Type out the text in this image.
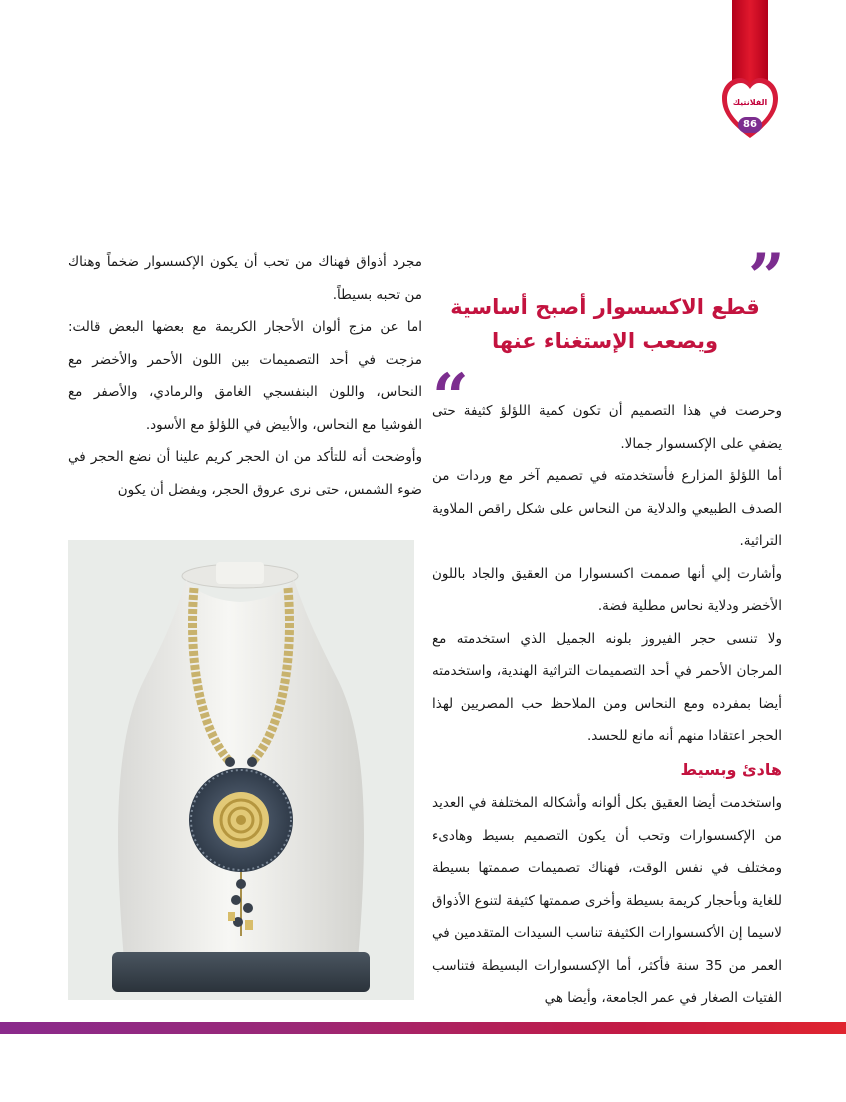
الفلانتيك
86

مجرد أذواق فهناك من تحب أن يكون الإكسسوار ضخماً وهناك من تحبه بسيطاً.

اما عن مزج ألوان الأحجار الكريمة مع بعضها البعض قالت: مزجت في أحد التصميمات بين اللون الأحمر والأخضر مع النحاس، واللون البنفسجي الغامق والرمادي، والأصفر مع الفوشيا مع النحاس، والأبيض في اللؤلؤ مع الأسود.

وأوضحت أنه للتأكد من ان الحجر كريم علينا أن نضع الحجر في ضوء الشمس، حتى نرى عروق الحجر، ويفضل أن يكون

”
قطع الاكسسوار أصبح أساسية
ويصعب الإستغناء عنها
“

وحرصت في هذا التصميم أن تكون كمية اللؤلؤ كثيفة حتى يضفي على الإكسسوار جمالا.

أما اللؤلؤ المزارع فأستخدمته في تصميم آخر مع وردات من الصدف الطبيعي والدلاية من النحاس على شكل راقص الملاوية التراثية.

وأشارت إلي أنها صممت اكسسوارا من العقيق والجاد باللون الأخضر ودلاية نحاس مطلية فضة.

ولا تنسى حجر الفيروز بلونه الجميل الذي استخدمته مع المرجان الأحمر في أحد التصميمات التراثية الهندية، واستخدمته أيضا بمفرده ومع النحاس ومن الملاحظ حب المصريين لهذا الحجر اعتقادا منهم أنه مانع للحسد.

هادئ وبسيط

واستخدمت أيضا العقيق بكل ألوانه وأشكاله المختلفة في العديد من الإكسسوارات وتحب أن يكون التصميم بسيط وهادىء ومختلف في نفس الوقت، فهناك تصميمات صممتها بسيطة للغاية وبأحجار كريمة بسيطة وأخرى صممتها كثيفة لتنوع الأذواق لاسيما إن الأكسسوارات الكثيفة تناسب السيدات المتقدمين في العمر من 35 سنة فأكثر، أما الإكسسوارات البسيطة فتناسب الفتيات الصغار في عمر الجامعة، وأيضا هي
